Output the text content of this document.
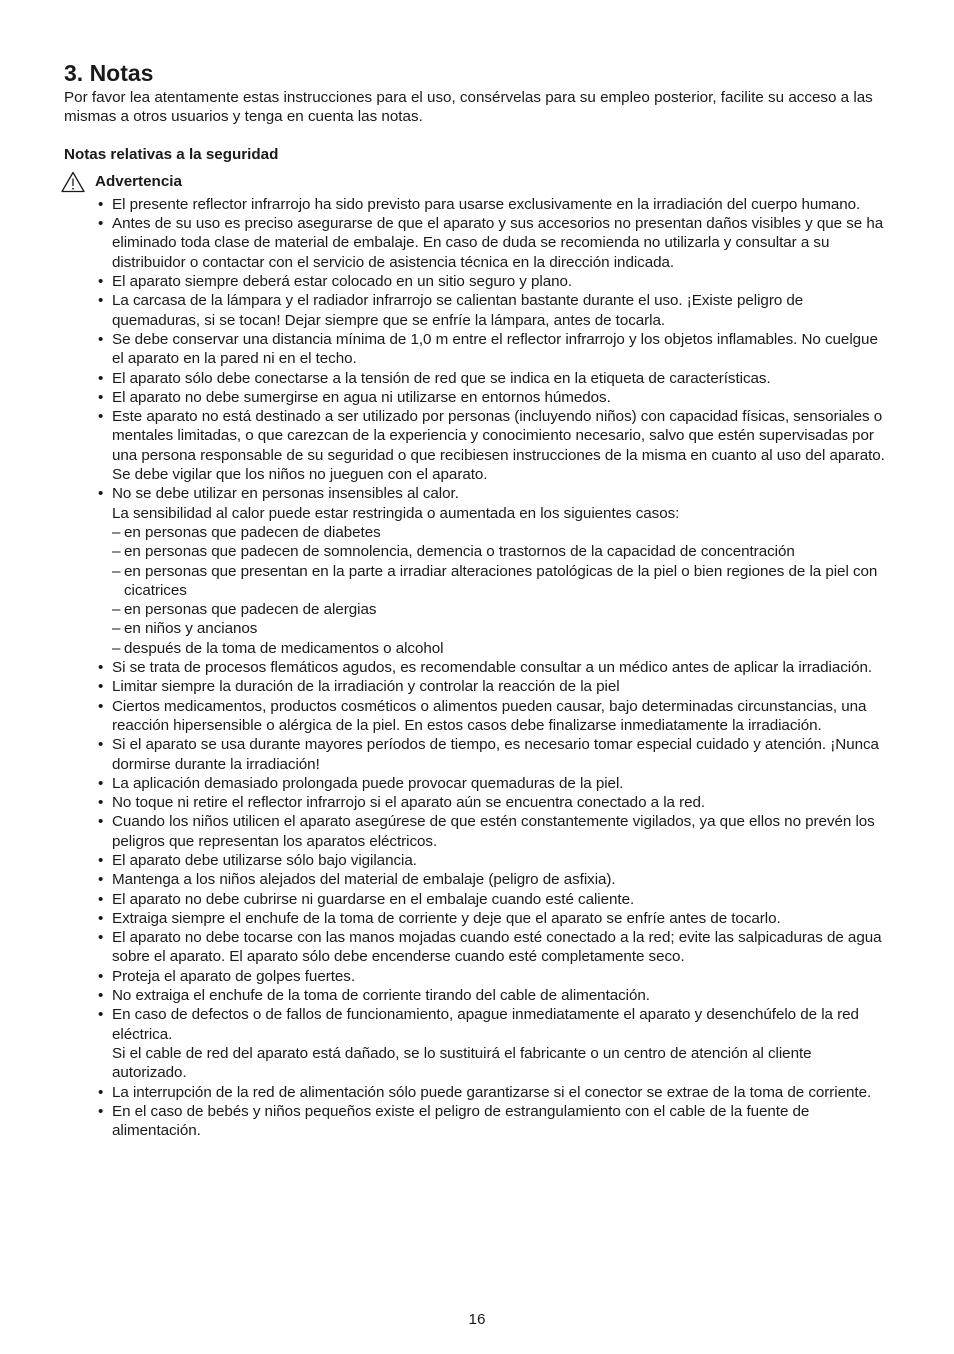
3. Notas

Por favor lea atentamente estas instrucciones para el uso, consérvelas para su empleo posterior, facilite su acceso a las mismas a otros usuarios y tenga en cuenta las notas.

Notas relativas a la seguridad

Advertencia
• El presente reflector infrarrojo ha sido previsto para usarse exclusivamente en la irradiación del cuerpo humano.
• Antes de su uso es preciso asegurarse de que el aparato y sus accesorios no presentan daños visibles y que se ha eliminado toda clase de material de embalaje. En caso de duda se recomienda no utilizarla y consultar a su distribuidor o contactar con el servicio de asistencia técnica en la dirección indicada.
• El aparato siempre deberá estar colocado en un sitio seguro y plano.
• La carcasa de la lámpara y el radiador infrarrojo se calientan bastante durante el uso. ¡Existe peligro de quemaduras, si se tocan! Dejar siempre que se enfríe la lámpara, antes de tocarla.
• Se debe conservar una distancia mínima de 1,0 m entre el reflector infrarrojo y los objetos inflamables. No cuelgue el aparato en la pared ni en el techo.
• El aparato sólo debe conectarse a la tensión de red que se indica en la etiqueta de características.
• El aparato no debe sumergirse en agua ni utilizarse en entornos húmedos.
• Este aparato no está destinado a ser utilizado por personas (incluyendo niños) con capacidad físicas, sensoriales o mentales limitadas, o que carezcan de la experiencia y conocimiento necesario, salvo que estén supervisadas por una persona responsable de su seguridad o que recibiesen instrucciones de la misma en cuanto al uso del aparato.
Se debe vigilar que los niños no jueguen con el aparato.
• No se debe utilizar en personas insensibles al calor.
La sensibilidad al calor puede estar restringida o aumentada en los siguientes casos:
– en personas que padecen de diabetes
– en personas que padecen de somnolencia, demencia o trastornos de la capacidad de concentración
– en personas que presentan en la parte a irradiar alteraciones patológicas de la piel o bien regiones de la piel con cicatrices
– en personas que padecen de alergias
– en niños y ancianos
– después de la toma de medicamentos o alcohol
• Si se trata de procesos flemáticos agudos, es recomendable consultar a un médico antes de aplicar la irradiación.
• Limitar siempre la duración de la irradiación y controlar la reacción de la piel
• Ciertos medicamentos, productos cosméticos o alimentos pueden causar, bajo determinadas circunstancias, una reacción hipersensible o alérgica de la piel. En estos casos debe finalizarse inmediatamente la irradiación.
• Si el aparato se usa durante mayores períodos de tiempo, es necesario tomar especial cuidado y atención. ¡Nunca dormirse durante la irradiación!
• La aplicación demasiado prolongada puede provocar quemaduras de la piel.
• No toque ni retire el reflector infrarrojo si el aparato aún se encuentra conectado a la red.
• Cuando los niños utilicen el aparato asegúrese de que estén constantemente vigilados, ya que ellos no prevén los peligros que representan los aparatos eléctricos.
• El aparato debe utilizarse sólo bajo vigilancia.
• Mantenga a los niños alejados del material de embalaje (peligro de asfixia).
• El aparato no debe cubrirse ni guardarse en el embalaje cuando esté caliente.
• Extraiga siempre el enchufe de la toma de corriente y deje que el aparato se enfríe antes de tocarlo.
• El aparato no debe tocarse con las manos mojadas cuando esté conectado a la red; evite las salpicaduras de agua sobre el aparato. El aparato sólo debe encenderse cuando esté completamente seco.
• Proteja el aparato de golpes fuertes.
• No extraiga el enchufe de la toma de corriente tirando del cable de alimentación.
• En caso de defectos o de fallos de funcionamiento, apague inmediatamente el aparato y desenchúfelo de la red eléctrica.
Si el cable de red del aparato está dañado, se lo sustituirá el fabricante o un centro de atención al cliente autorizado.
• La interrupción de la red de alimentación sólo puede garantizarse si el conector se extrae de la toma de corriente.
• En el caso de bebés y niños pequeños existe el peligro de estrangulamiento con el cable de la fuente de alimentación.
16
